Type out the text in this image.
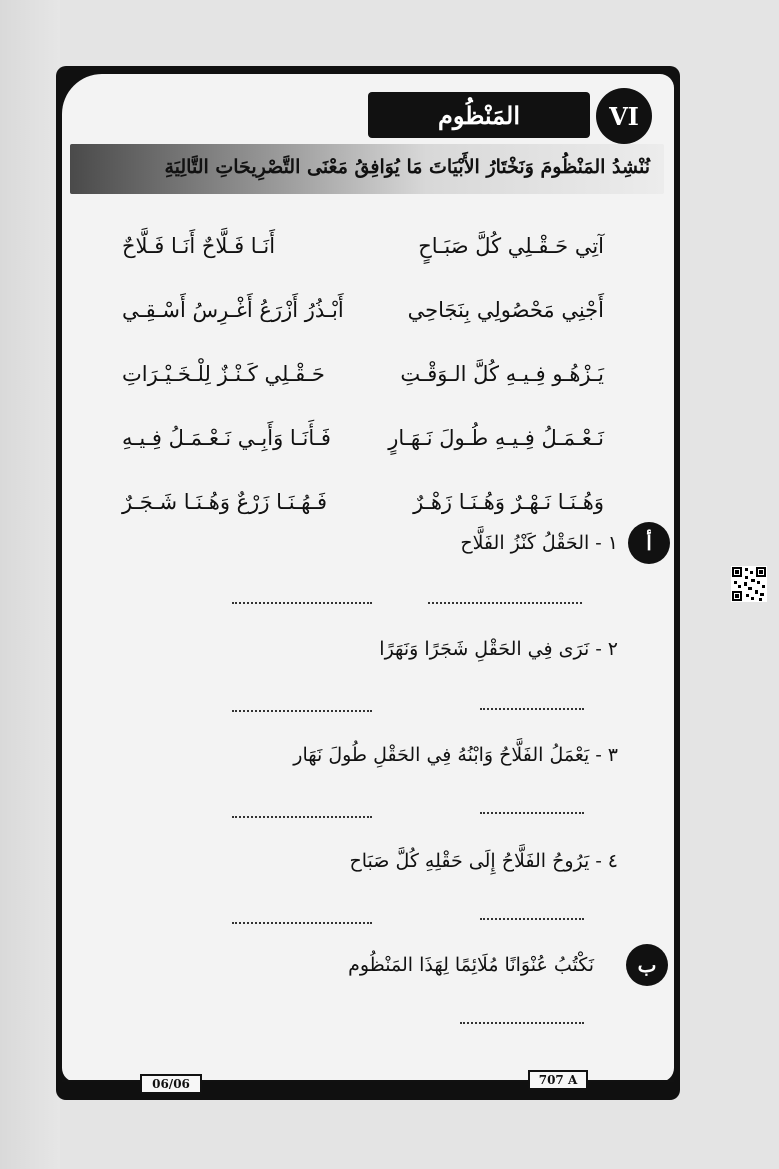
VI
المَنْظُوم
نُنْشِدُ المَنْظُومَ وَنَخْتَارُ الأَبْيَاتَ مَا يُوَافِقُ مَعْنَى التَّصْرِيحَاتِ التَّالِيَةِ
أَنَـا فَـلَّاحٌ أَنَـا فَـلَّاحٌ	آتِي حَـقْـلِي كُلَّ صَبَـاحٍ
أَبْـذُرُ أَزْرَعُ أَغْـرِسُ أَسْـقِـي	أَجْنِي مَحْصُولِي بِنَجَاحِي
حَـقْـلِي كَـنْـزٌ لِلْـخَـيْـرَاتِ	يَـزْهُـو فِـيـهِ كُلَّ الـوَقْـتِ
فَـأَنَـا وَأَبِـي نَـعْـمَـلُ فِـيـهِ	نَـعْـمَـلُ فِـيـهِ طُـولَ نَـهَـارٍ
فَـهُـنَـا زَرْعٌ وَهُـنَـا شَـجَـرٌ	وَهُـنَـا نَـهْـرٌ وَهُـنَـا زَهْـرٌ
أ
١ - الحَقْلُ كَنْزُ الفَلَّاح
٢ - نَرَى فِي الحَقْلِ شَجَرًا وَنَهَرًا
٣ - يَعْمَلُ الفَلَّاحُ وَابْنُهُ فِي الحَقْلِ طُولَ نَهَار
٤ - يَرُوحُ الفَلَّاحُ إِلَى حَقْلِهِ كُلَّ صَبَاح
ب
نَكْتُبُ عُنْوَانًا مُلَائِمًا لِهَذَا المَنْظُوم
06/06	707 A
